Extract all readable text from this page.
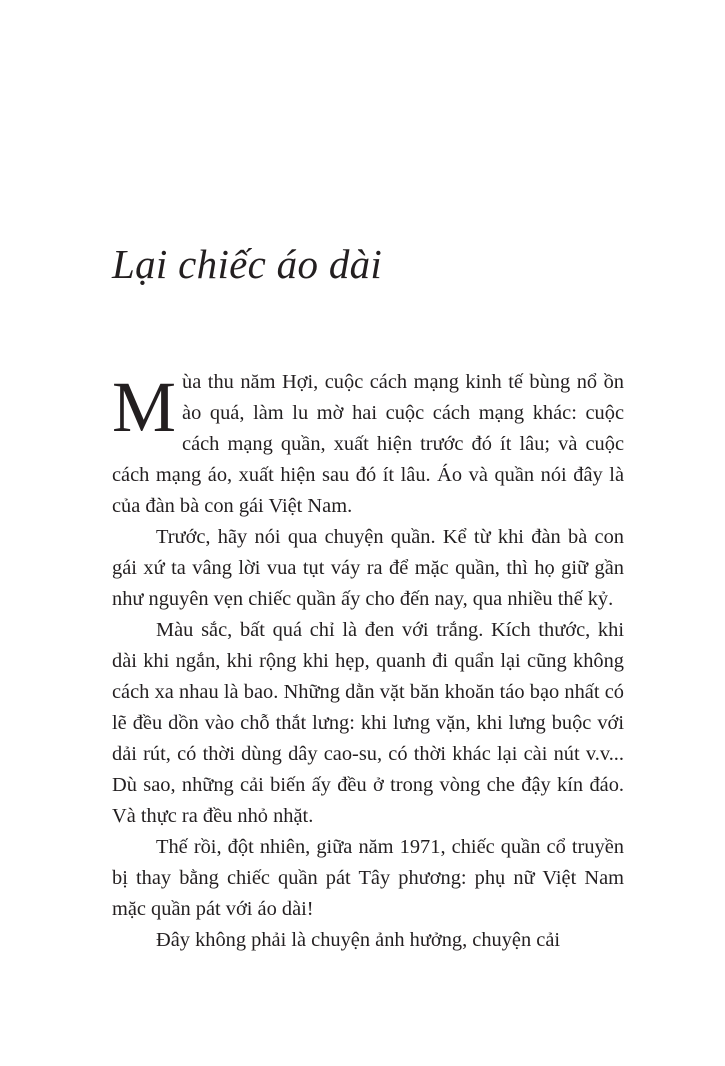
Lại chiếc áo dài

Mùa thu năm Hợi, cuộc cách mạng kinh tế bùng nổ ồn ào quá, làm lu mờ hai cuộc cách mạng khác: cuộc cách mạng quần, xuất hiện trước đó ít lâu; và cuộc cách mạng áo, xuất hiện sau đó ít lâu. Áo và quần nói đây là của đàn bà con gái Việt Nam.

Trước, hãy nói qua chuyện quần. Kể từ khi đàn bà con gái xứ ta vâng lời vua tụt váy ra để mặc quần, thì họ giữ gần như nguyên vẹn chiếc quần ấy cho đến nay, qua nhiều thế kỷ.

Màu sắc, bất quá chỉ là đen với trắng. Kích thước, khi dài khi ngắn, khi rộng khi hẹp, quanh đi quẩn lại cũng không cách xa nhau là bao. Những dằn vặt băn khoăn táo bạo nhất có lẽ đều dồn vào chỗ thắt lưng: khi lưng vặn, khi lưng buộc với dải rút, có thời dùng dây cao-su, có thời khác lại cài nút v.v... Dù sao, những cải biến ấy đều ở trong vòng che đậy kín đáo. Và thực ra đều nhỏ nhặt.

Thế rồi, đột nhiên, giữa năm 1971, chiếc quần cổ truyền bị thay bằng chiếc quần pát Tây phương: phụ nữ Việt Nam mặc quần pát với áo dài!

Đây không phải là chuyện ảnh hưởng, chuyện cải
